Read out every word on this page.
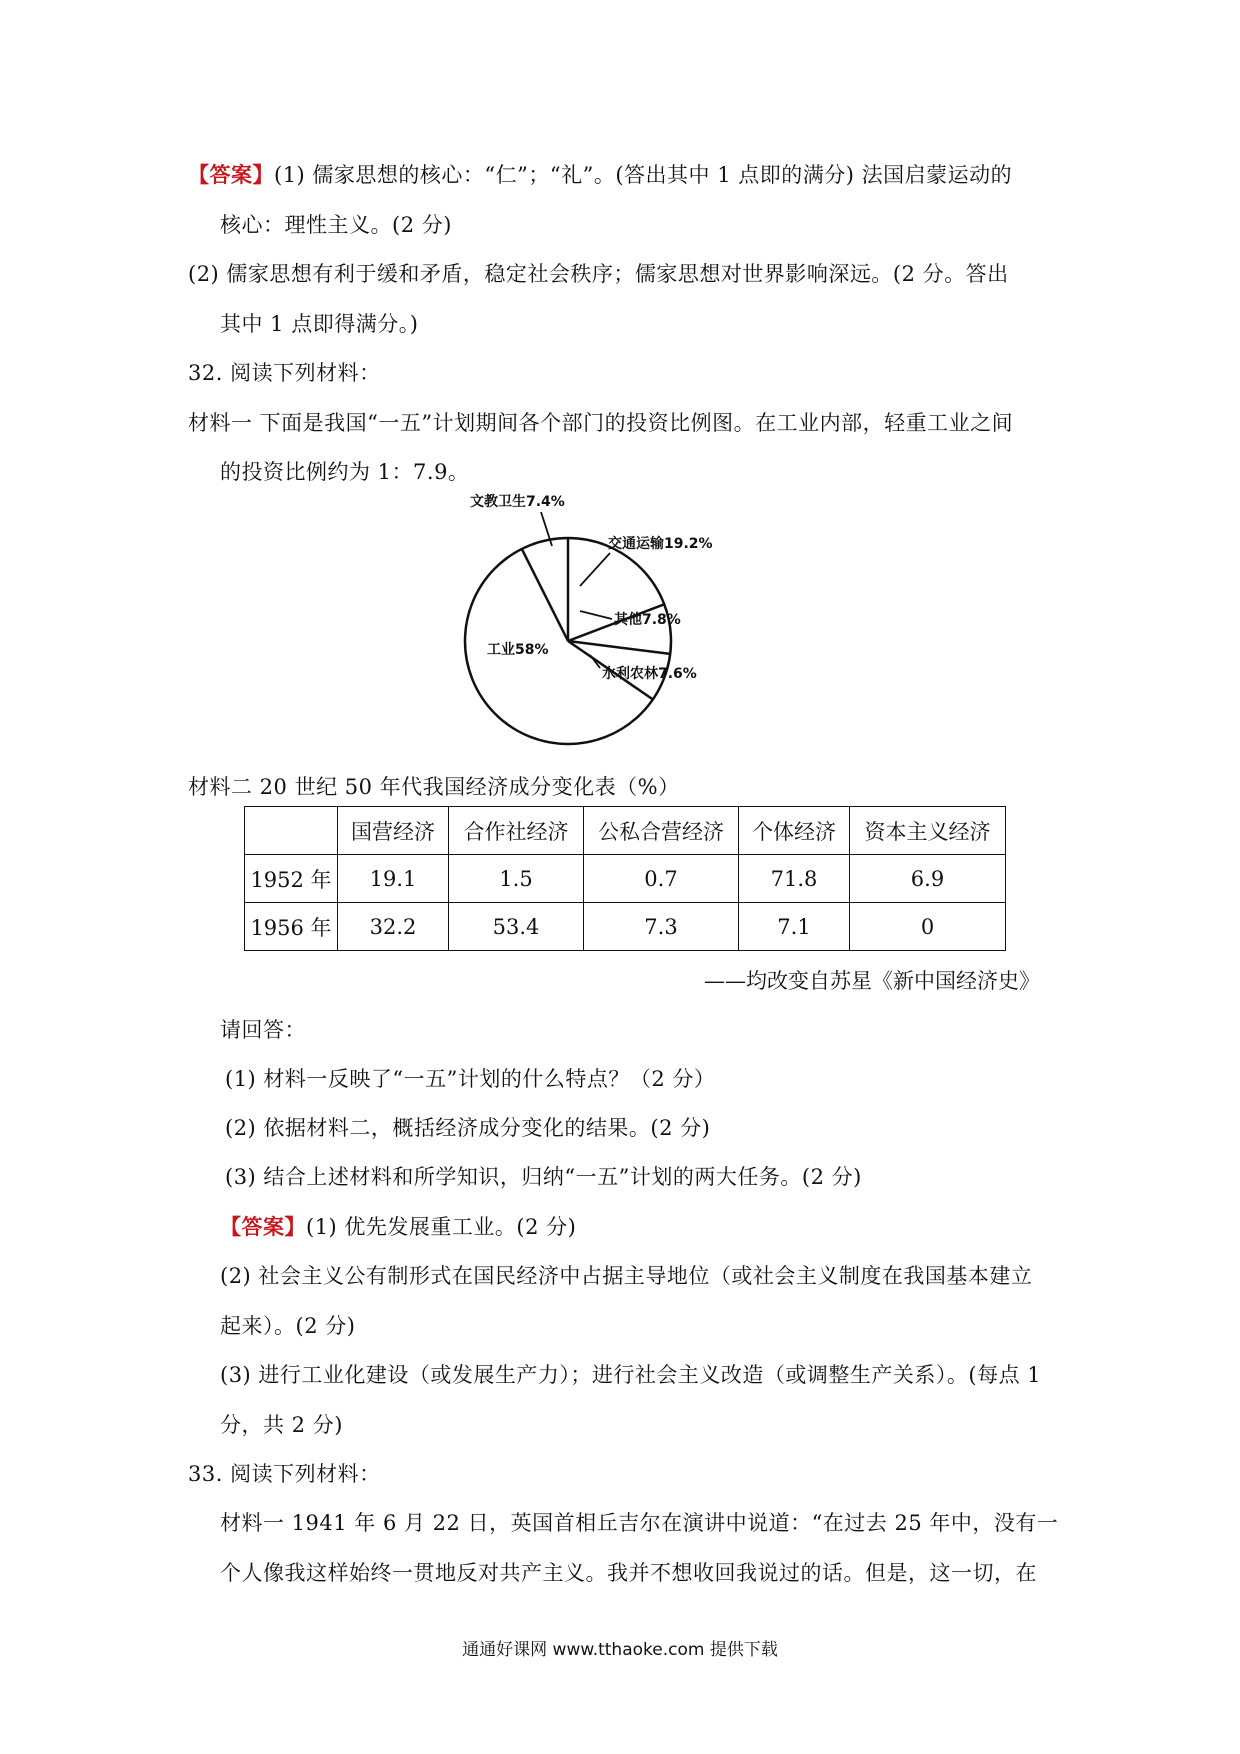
【答案】(1) 儒家思想的核心：“仁”；“礼”。(答出其中 1 点即的满分) 法国启蒙运动的
核心：理性主义。(2 分)
(2) 儒家思想有利于缓和矛盾，稳定社会秩序；儒家思想对世界影响深远。(2 分。答出
其中 1 点即得满分。)
32. 阅读下列材料：
材料一 下面是我国“一五”计划期间各个部门的投资比例图。在工业内部，轻重工业之间
的投资比例约为 1：7.9。
工业58%
文教卫生7.4%
交通运输19.2%
其他7.8%
水利农林7.6%
材料二 20 世纪 50 年代我国经济成分变化表（%）
	国营经济	合作社经济	公私合营经济	个体经济	资本主义经济
1952 年	19.1	1.5	0.7	71.8	6.9
1956 年	32.2	53.4	7.3	7.1	0
——均改变自苏星《新中国经济史》
请回答：
(1) 材料一反映了“一五”计划的什么特点？（2 分）
(2) 依据材料二，概括经济成分变化的结果。(2 分)
(3) 结合上述材料和所学知识，归纳“一五”计划的两大任务。(2 分)
【答案】(1) 优先发展重工业。(2 分)
(2) 社会主义公有制形式在国民经济中占据主导地位（或社会主义制度在我国基本建立
起来）。(2 分)
(3) 进行工业化建设（或发展生产力）；进行社会主义改造（或调整生产关系）。(每点 1
分，共 2 分)
33. 阅读下列材料：
材料一 1941 年 6 月 22 日，英国首相丘吉尔在演讲中说道：“在过去 25 年中，没有一
个人像我这样始终一贯地反对共产主义。我并不想收回我说过的话。但是，这一切，在
通通好课网 www.tthaoke.com 提供下载
